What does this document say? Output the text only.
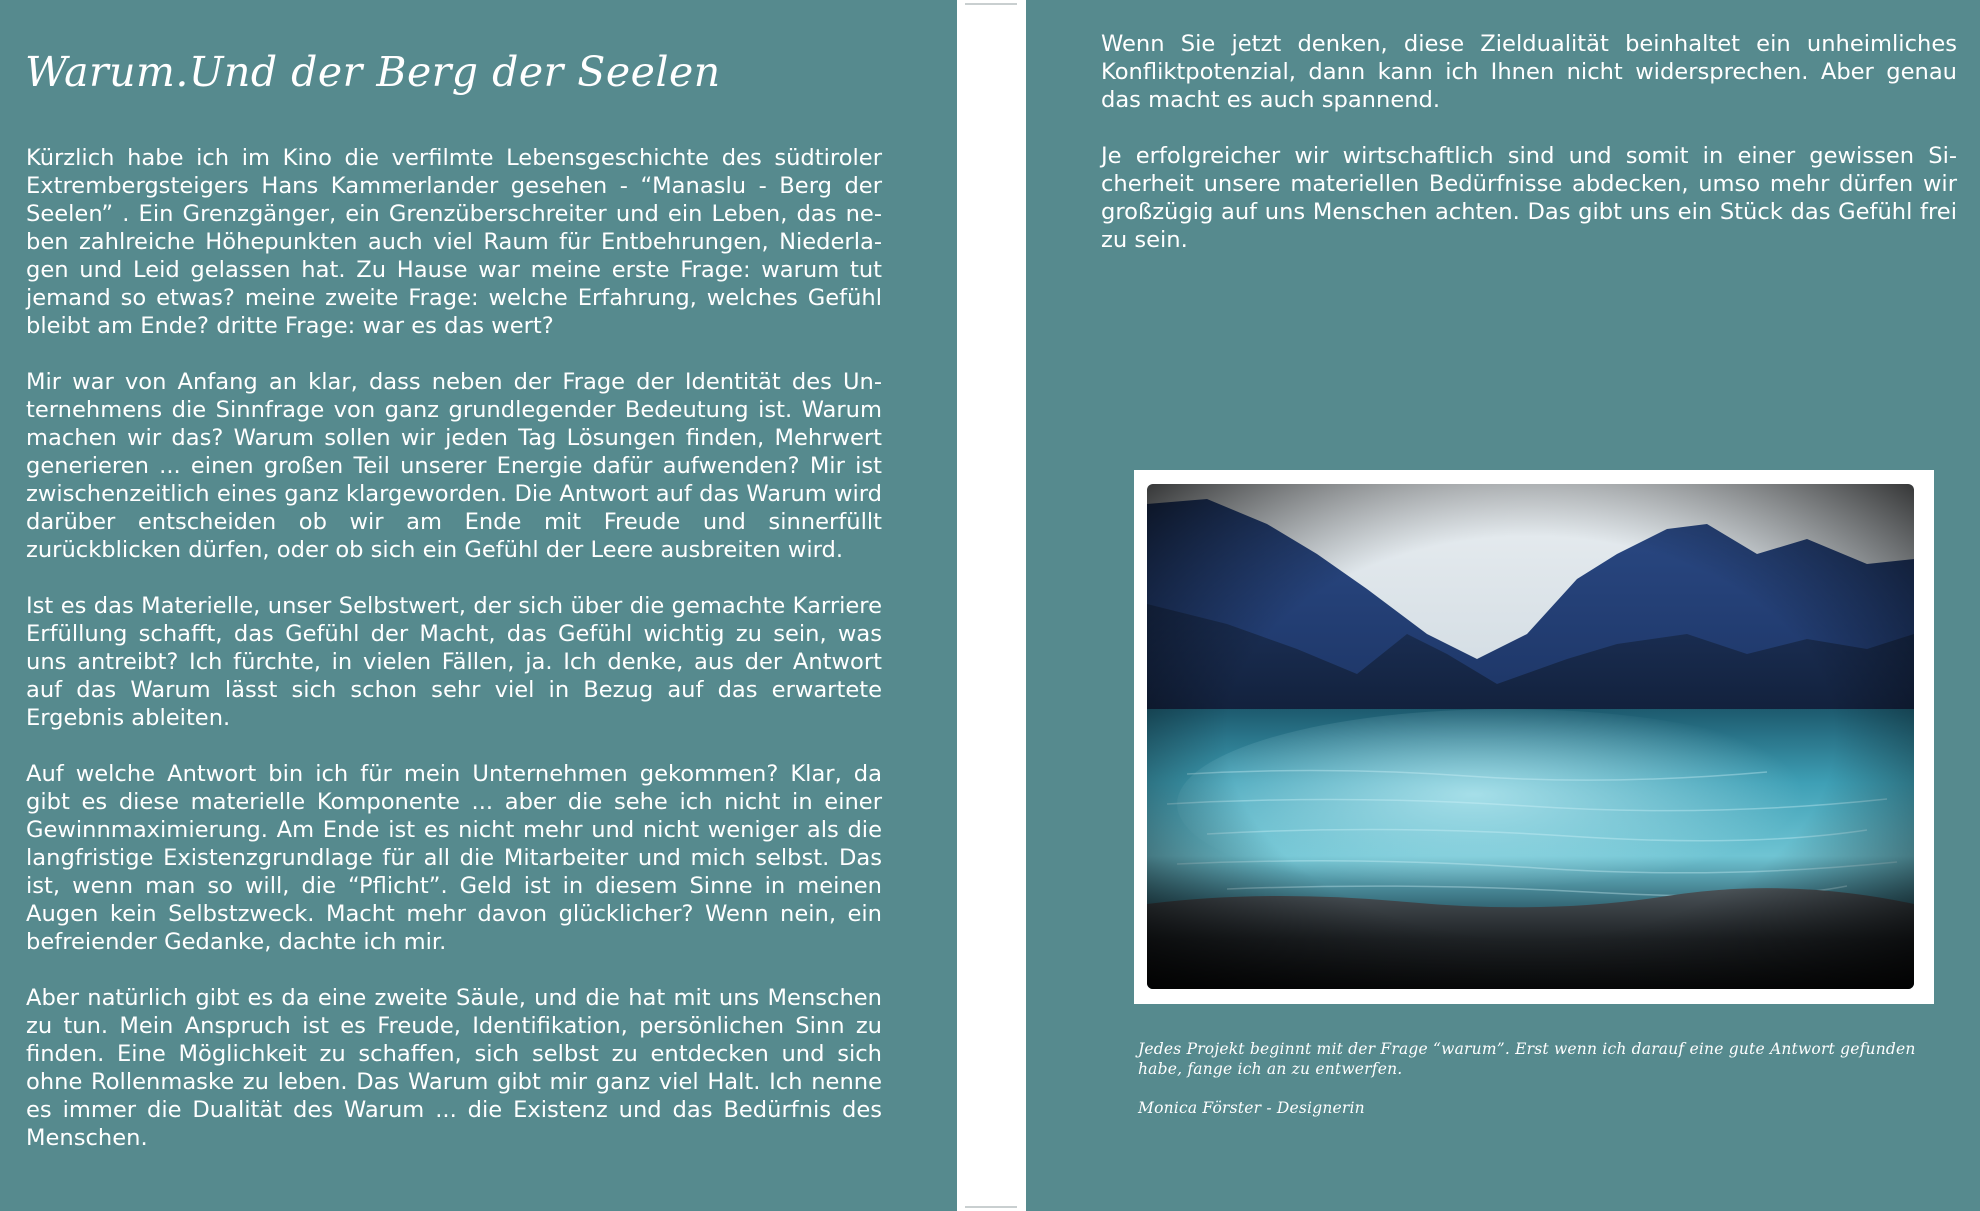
Warum.Und der Berg der Seelen

Kürzlich habe ich im Kino die verfilmte Lebensgeschichte des südtiroler Extrembergsteigers Hans Kammerlander gesehen - “Manaslu - Berg der Seelen” . Ein Grenzgänger, ein Grenzüberschreiter und ein Leben, das neben zahlreiche Höhepunkten auch viel Raum für Entbehrungen, Niederlagen und Leid gelassen hat. Zu Hause war meine erste Frage: warum tut jemand so etwas? meine zweite Frage: welche Erfahrung, welches Gefühl bleibt am Ende? dritte Frage: war es das wert?

Mir war von Anfang an klar, dass neben der Frage der Identität des Unternehmens die Sinnfrage von ganz grundlegender Bedeutung ist. Warum machen wir das? Warum sollen wir jeden Tag Lösungen finden, Mehrwert generieren ... einen großen Teil unserer Energie dafür aufwenden? Mir ist zwischenzeitlich eines ganz klargeworden. Die Antwort auf das Warum wird darüber entscheiden ob wir am Ende mit Freude und sinnerfüllt zurückblicken dürfen, oder ob sich ein Gefühl der Leere ausbreiten wird.

Ist es das Materielle, unser Selbstwert, der sich über die gemachte Karriere Erfüllung schafft, das Gefühl der Macht, das Gefühl wichtig zu sein, was uns antreibt? Ich fürchte, in vielen Fällen, ja. Ich denke, aus der Antwort auf das Warum lässt sich schon sehr viel in Bezug auf das erwartete Ergebnis ableiten.

Auf welche Antwort bin ich für mein Unternehmen gekommen? Klar, da gibt es diese materielle Komponente ... aber die sehe ich nicht in einer Gewinnmaximierung. Am Ende ist es nicht mehr und nicht weniger als die langfristige Existenzgrundlage für all die Mitarbeiter und mich selbst. Das ist, wenn man so will, die “Pflicht”. Geld ist in diesem Sinne in meinen Augen kein Selbstzweck. Macht mehr davon glücklicher? Wenn nein, ein befreiender Gedanke, dachte ich mir.

Aber natürlich gibt es da eine zweite Säule, und die hat mit uns Menschen zu tun. Mein Anspruch ist es Freude, Identifikation, persönlichen Sinn zu finden. Eine Möglichkeit zu schaffen, sich selbst zu entdecken und sich ohne Rollenmaske zu leben. Das Warum gibt mir ganz viel Halt. Ich nenne es immer die Dualität des Warum ... die Existenz und das Bedürfnis des Menschen.

Wenn Sie jetzt denken, diese Zieldualität beinhaltet ein unheimliches Konfliktpotenzial, dann kann ich Ihnen nicht widersprechen. Aber genau das macht es auch spannend.

Je erfolgreicher wir wirtschaftlich sind und somit in einer gewissen Sicherheit unsere materiellen Bedürfnisse abdecken, umso mehr dürfen wir großzügig auf uns Menschen achten. Das gibt uns ein Stück das Gefühl frei zu sein.

Jedes Projekt beginnt mit der Frage “warum”. Erst wenn ich darauf eine gute Antwort gefunden habe, fange ich an zu entwerfen.

Monica Förster - Designerin
